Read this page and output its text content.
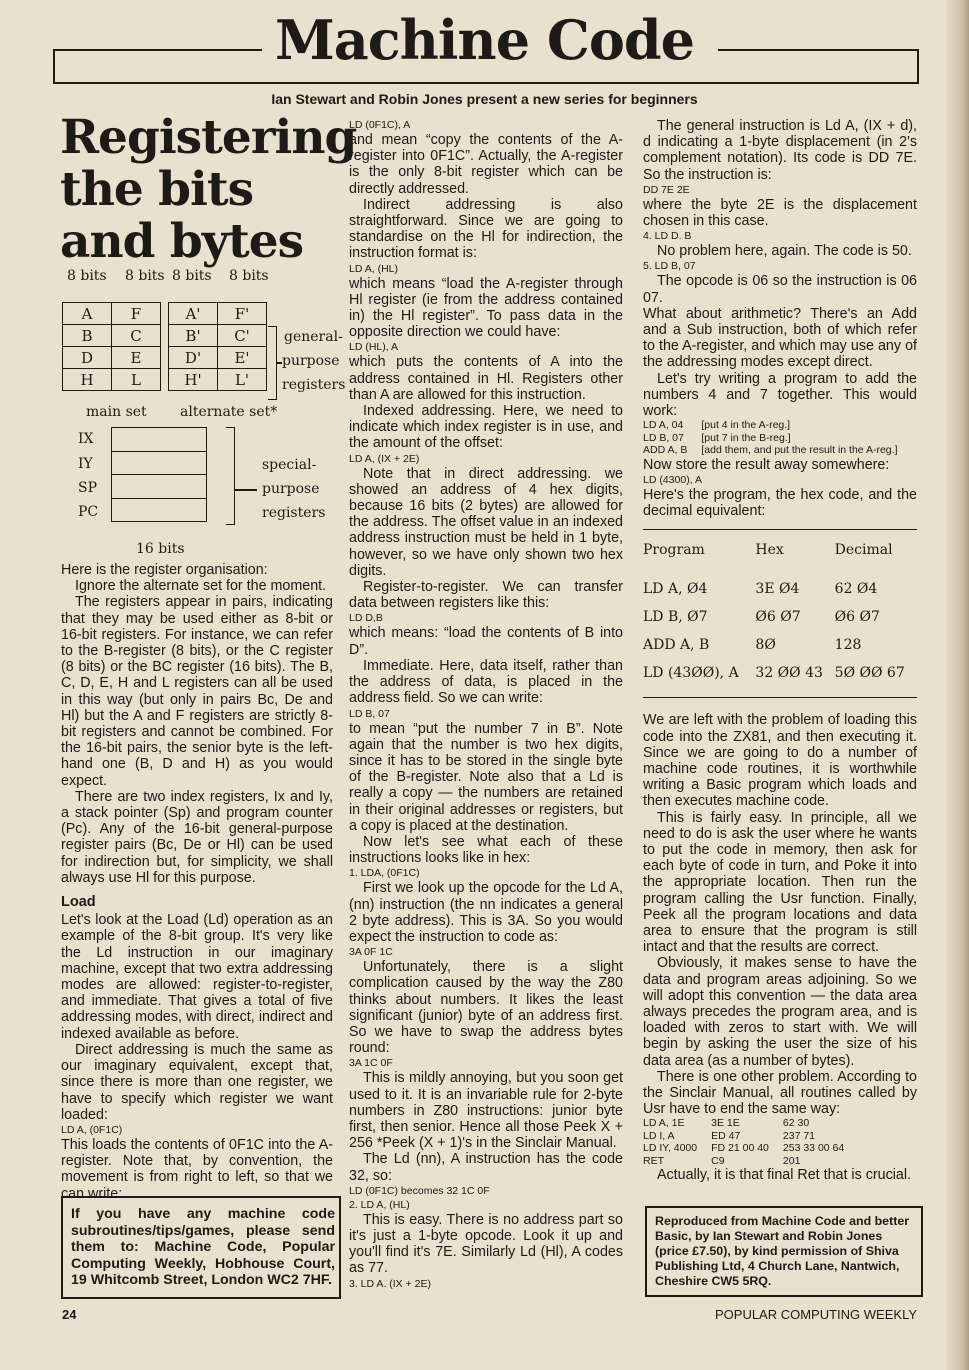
Machine Code
Ian Stewart and Robin Jones present a new series for beginners
Registering the bits and bytes
8 bits 8 bits 8 bits 8 bits
A	F
B	C
D	E
H	L
A'	F'
B'	C'
D'	E'
H'	L'
general-
purpose
registers
main set alternate set*
IX
IY
SP
PC
special-
purpose
registers
16 bits

Here is the register organisation:

Ignore the alternate set for the moment.

The registers appear in pairs, indicating that they may be used either as 8-bit or 16-bit registers. For instance, we can refer to the B-register (8 bits), or the C register (8 bits) or the BC register (16 bits). The B, C, D, E, H and L registers can all be used in this way (but only in pairs Bc, De and Hl) but the A and F registers are strictly 8-bit registers and cannot be combined. For the 16-bit pairs, the senior byte is the left-hand one (B, D and H) as you would expect.

There are two index registers, Ix and Iy, a stack pointer (Sp) and program counter (Pc). Any of the 16-bit general-purpose register pairs (Bc, De or Hl) can be used for indirection but, for simplicity, we shall always use Hl for this purpose.

Load

Let's look at the Load (Ld) operation as an example of the 8-bit group. It's very like the Ld instruction in our imaginary machine, except that two extra addressing modes are allowed: register-to-register, and immediate. That gives a total of five addressing modes, with direct, indirect and indexed available as before.

Direct addressing is much the same as our imaginary equivalent, except that, since there is more than one register, we have to specify which register we want loaded:

LD A, (0F1C)

This loads the contents of 0F1C into the A-register. Note that, by convention, the movement is from right to left, so that we can write:

If you have any machine code subroutines/tips/games, please send them to: Machine Code, Popular Computing Weekly, Hobhouse Court, 19 Whitcomb Street, London WC2 7HF.

LD (0F1C), A

and mean “copy the contents of the A-register into 0F1C”. Actually, the A-register is the only 8-bit register which can be directly addressed.

Indirect addressing is also straightforward. Since we are going to standardise on the Hl for indirection, the instruction format is:

LD A, (HL)

which means “load the A-register through Hl register (ie from the address contained in) the Hl register”. To pass data in the opposite direction we could have:

LD (HL), A

which puts the contents of A into the address contained in Hl. Registers other than A are allowed for this instruction.

Indexed addressing. Here, we need to indicate which index register is in use, and the amount of the offset:

LD A, (IX + 2E)

Note that in direct addressing. we showed an address of 4 hex digits, because 16 bits (2 bytes) are allowed for the address. The offset value in an indexed address instruction must be held in 1 byte, however, so we have only shown two hex digits.

Register-to-register. We can transfer data between registers like this:

LD D,B

which means: “load the contents of B into D”.

Immediate. Here, data itself, rather than the address of data, is placed in the address field. So we can write:

LD B, 07

to mean “put the number 7 in B”. Note again that the number is two hex digits, since it has to be stored in the single byte of the B-register. Note also that a Ld is really a copy — the numbers are retained in their original addresses or registers, but a copy is placed at the destination.

Now let's see what each of these instructions looks like in hex:

1. LDA, (0F1C)

First we look up the opcode for the Ld A, (nn) instruction (the nn indicates a general 2 byte address). This is 3A. So you would expect the instruction to code as:

3A 0F 1C

Unfortunately, there is a slight complication caused by the way the Z80 thinks about numbers. It likes the least significant (junior) byte of an address first. So we have to swap the address bytes round:

3A 1C 0F

This is mildly annoying, but you soon get used to it. It is an invariable rule for 2-byte numbers in Z80 instructions: junior byte first, then senior. Hence all those Peek X + 256 *Peek (X + 1)'s in the Sinclair Manual.

The Ld (nn), A instruction has the code 32, so:

LD (0F1C) becomes 32 1C 0F

2. LD A, (HL)

This is easy. There is no address part so it's just a 1-byte opcode. Look it up and you'll find it's 7E. Similarly Ld (Hl), A codes as 77.

3. LD A. (IX + 2E)

The general instruction is Ld A, (IX + d), d indicating a 1-byte displacement (in 2's complement notation). Its code is DD 7E. So the instruction is:

DD 7E 2E

where the byte 2E is the displacement chosen in this case.

4. LD D. B

No problem here, again. The code is 50.

5. LD B, 07

The opcode is 06 so the instruction is 06 07.

What about arithmetic? There's an Add and a Sub instruction, both of which refer to the A-register, and which may use any of the addressing modes except direct.

Let's try writing a program to add the numbers 4 and 7 together. This would work:

LD A, 04	[put 4 in the A-reg.]
LD B, 07	[put 7 in the B-reg.]
ADD A, B	[add them, and put the result in the A-reg.]

Now store the result away somewhere:

LD (4300), A

Here's the program, the hex code, and the decimal equivalent:

Program	Hex	Decimal
LD A, Ø4	3E Ø4	62 Ø4
LD B, Ø7	Ø6 Ø7	Ø6 Ø7
ADD A, B	8Ø	128
LD (43ØØ), A	32 ØØ 43	5Ø ØØ 67

We are left with the problem of loading this code into the ZX81, and then executing it. Since we are going to do a number of machine code routines, it is worthwhile writing a Basic program which loads and then executes machine code.

This is fairly easy. In principle, all we need to do is ask the user where he wants to put the code in memory, then ask for each byte of code in turn, and Poke it into the appropriate location. Then run the program calling the Usr function. Finally, Peek all the program locations and data area to ensure that the program is still intact and that the results are correct.

Obviously, it makes sense to have the data and program areas adjoining. So we will adopt this convention — the data area always precedes the program area, and is loaded with zeros to start with. We will begin by asking the user the size of his data area (as a number of bytes).

There is one other problem. According to the Sinclair Manual, all routines called by Usr have to end the same way:

LD A, 1E	3E 1E	62 30
LD I, A	ED 47	237 71
LD IY, 4000	FD 21 00 40	253 33 00 64
RET	C9	201

Actually, it is that final Ret that is crucial.

Reproduced from Machine Code and better Basic, by Ian Stewart and Robin Jones (price £7.50), by kind permission of Shiva Publishing Ltd, 4 Church Lane, Nantwich, Cheshire CW5 5RQ.
24	POPULAR COMPUTING WEEKLY
